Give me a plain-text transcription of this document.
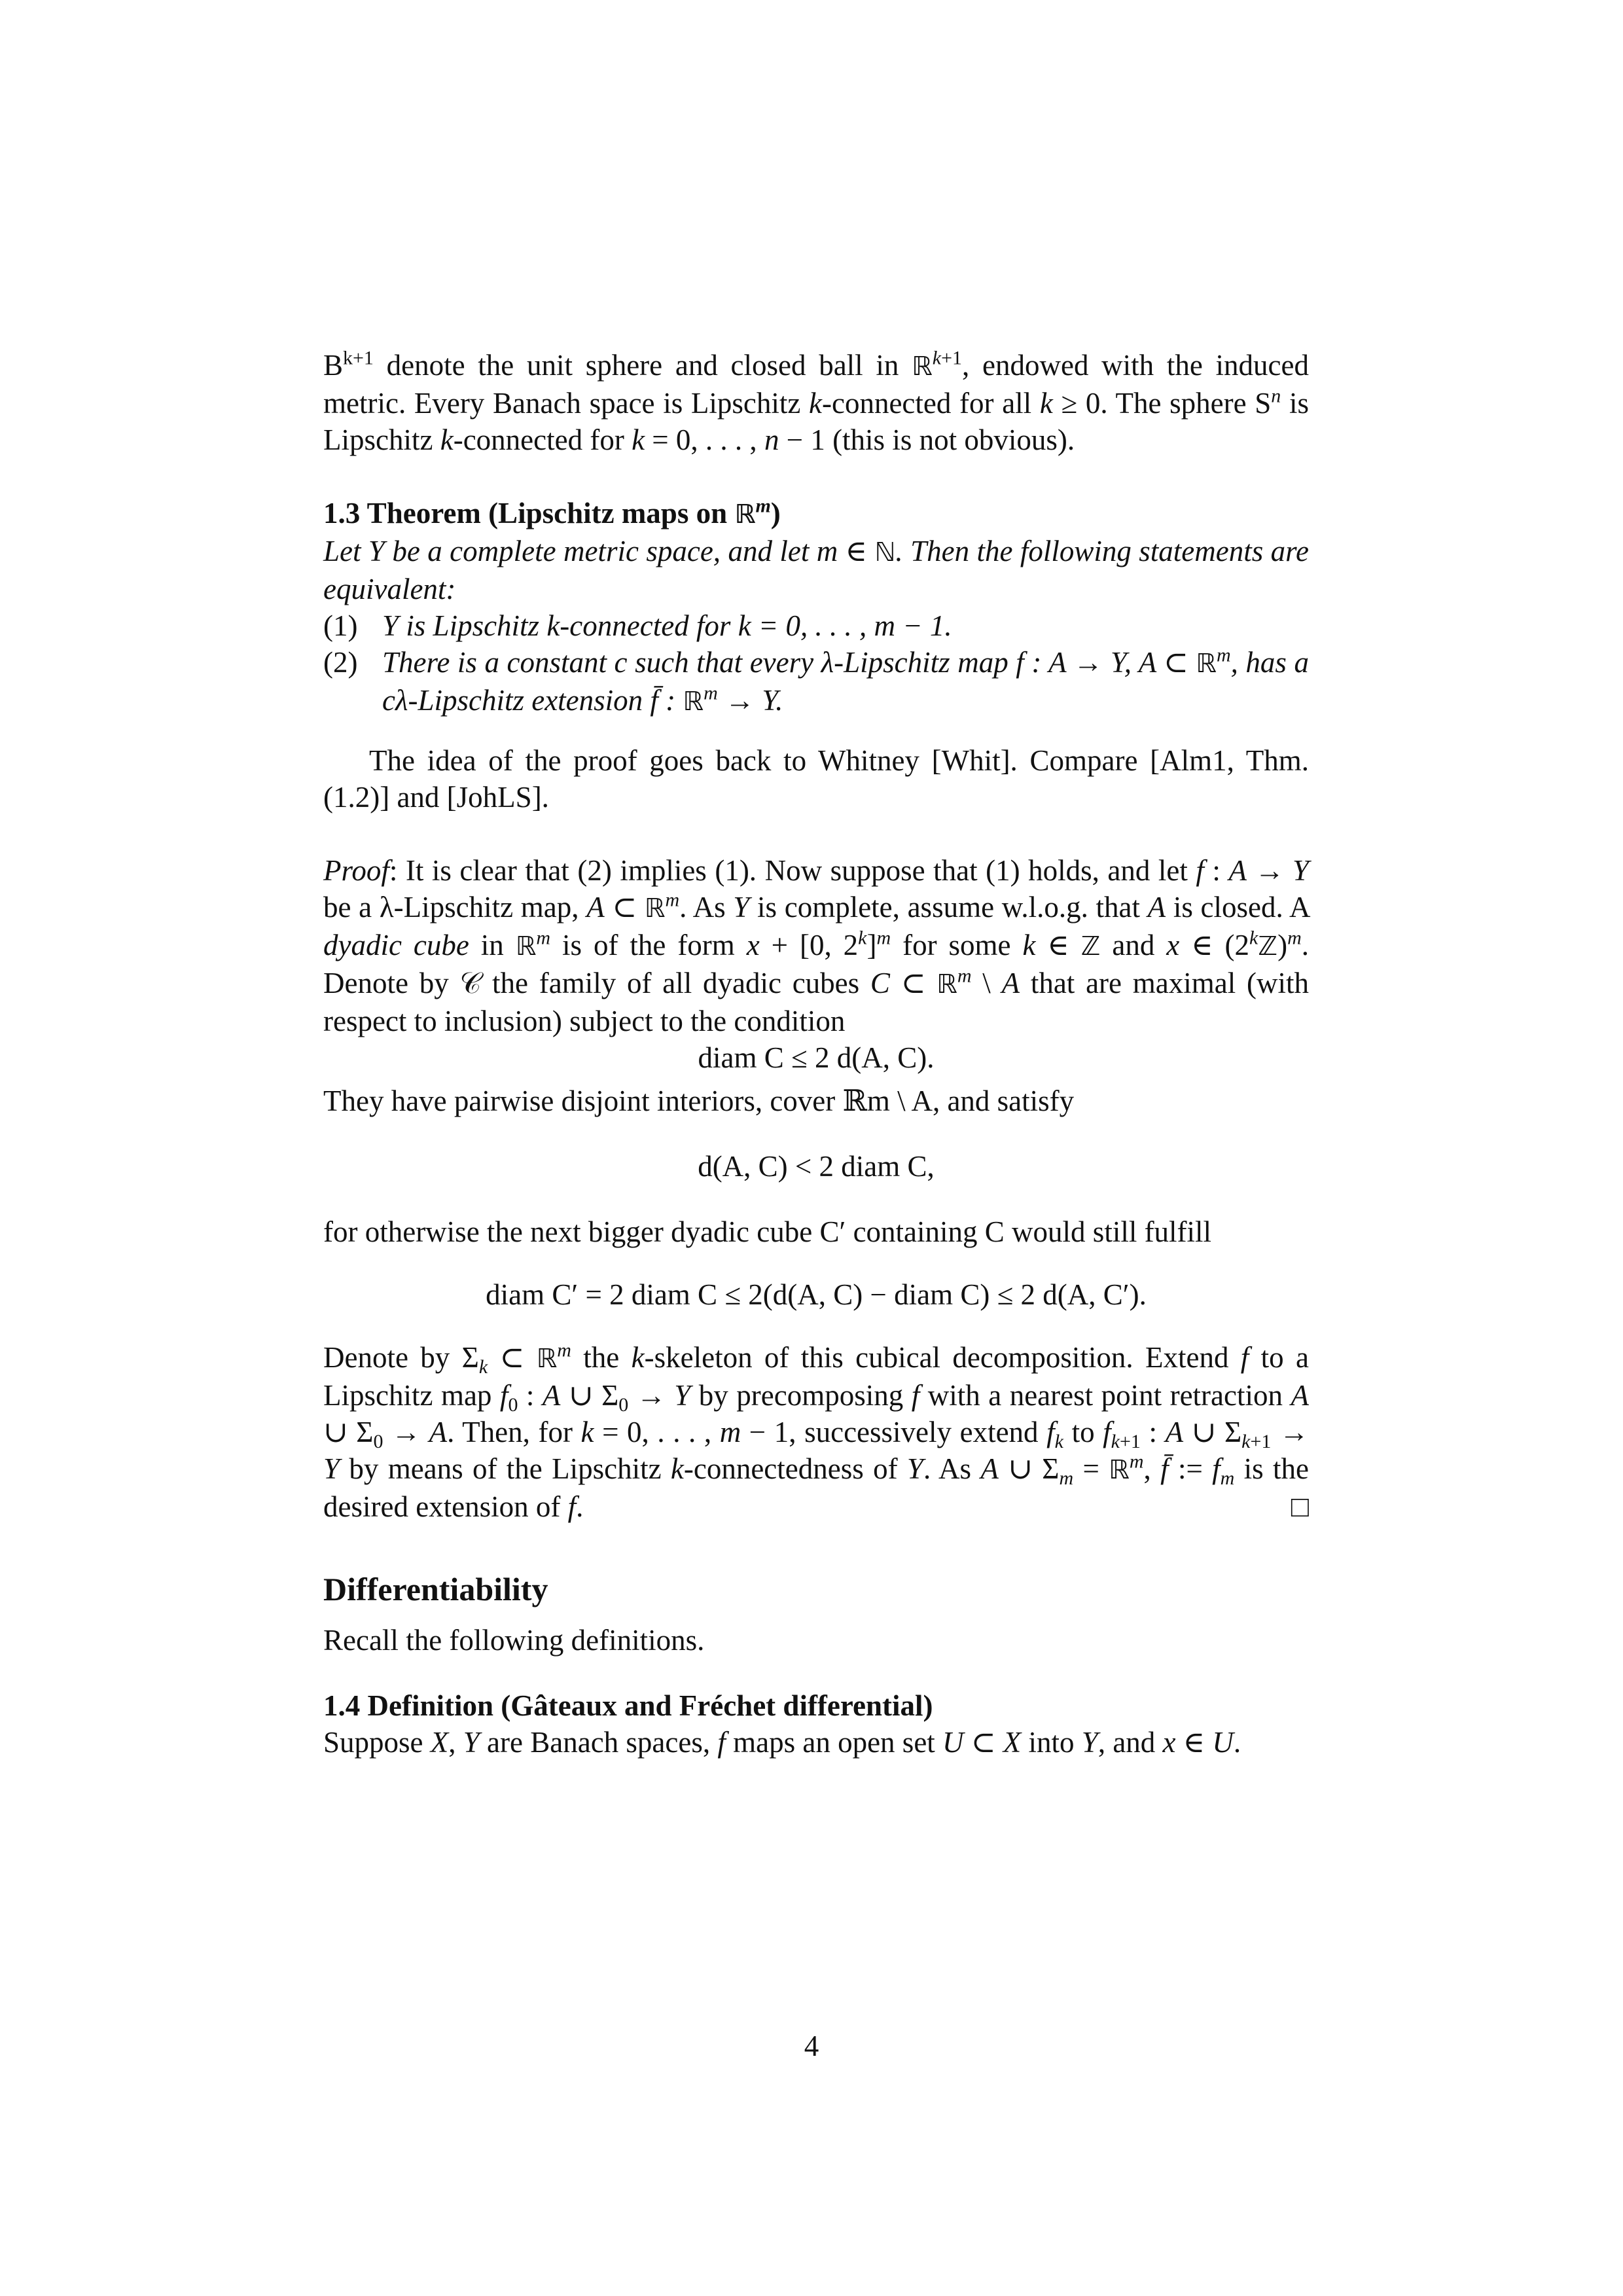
$B^{k+1}$ denote the unit sphere and closed ball in ℝ$^{k+1}$, endowed with the induced metric. Every Banach space is Lipschitz k-connected for all k ≥ 0. The sphere $S^n$ is Lipschitz k-connected for k = 0, . . . , n − 1 (this is not obvious).

1.3 Theorem (Lipschitz maps on ℝ$^m$)

Let Y be a complete metric space, and let m ∈ ℕ. Then the following statements are equivalent:

(1) Y is Lipschitz k-connected for k = 0, . . . , m − 1.
(2) There is a constant c such that every λ-Lipschitz map f : A → Y, A ⊂ ℝ$^m$, has a cλ-Lipschitz extension f̄ : ℝ$^m$ → Y.

The idea of the proof goes back to Whitney [Whit]. Compare [Alm1, Thm. (1.2)] and [JohLS].

Proof: It is clear that (2) implies (1). Now suppose that (1) holds, and let f : A → Y be a λ-Lipschitz map, A ⊂ ℝ$^m$. As Y is complete, assume w.l.o.g. that A is closed. A dyadic cube in ℝ$^m$ is of the form x + [0, 2$^k$]$^m$ for some k ∈ ℤ and x ∈ (2$^k$ℤ)$^m$. Denote by 𝒞 the family of all dyadic cubes C ⊂ ℝ$^m$ \ A that are maximal (with respect to inclusion) subject to the condition

diam C ≤ 2 d(A, C).

They have pairwise disjoint interiors, cover ℝm \ A, and satisfy

d(A, C) < 2 diam C,

for otherwise the next bigger dyadic cube C′ containing C would still fulfill

diam C′ = 2 diam C ≤ 2(d(A, C) − diam C) ≤ 2 d(A, C′).

Denote by $\Sigma_k$ ⊂ ℝ$^m$ the k-skeleton of this cubical decomposition. Extend f to a Lipschitz map $f_0$ : A ∪ $\Sigma_0 \to Y$ by precomposing f with a nearest point retraction A ∪ $\Sigma_0 \to A$. Then, for k = 0, . . . , m − 1, successively extend $f_k$ to $f_{k+1}$ : A ∪ $\Sigma_{k+1} \to Y$ by means of the Lipschitz k-connectedness of Y. As A ∪ $\Sigma_m$ = ℝ$^m$, f̄ := $f_m$ is the desired extension of f.	□

Differentiability

Recall the following definitions.

1.4 Definition (Gâteaux and Fréchet differential)

Suppose X, Y are Banach spaces, f maps an open set U ⊂ X into Y, and x ∈ U.

4
